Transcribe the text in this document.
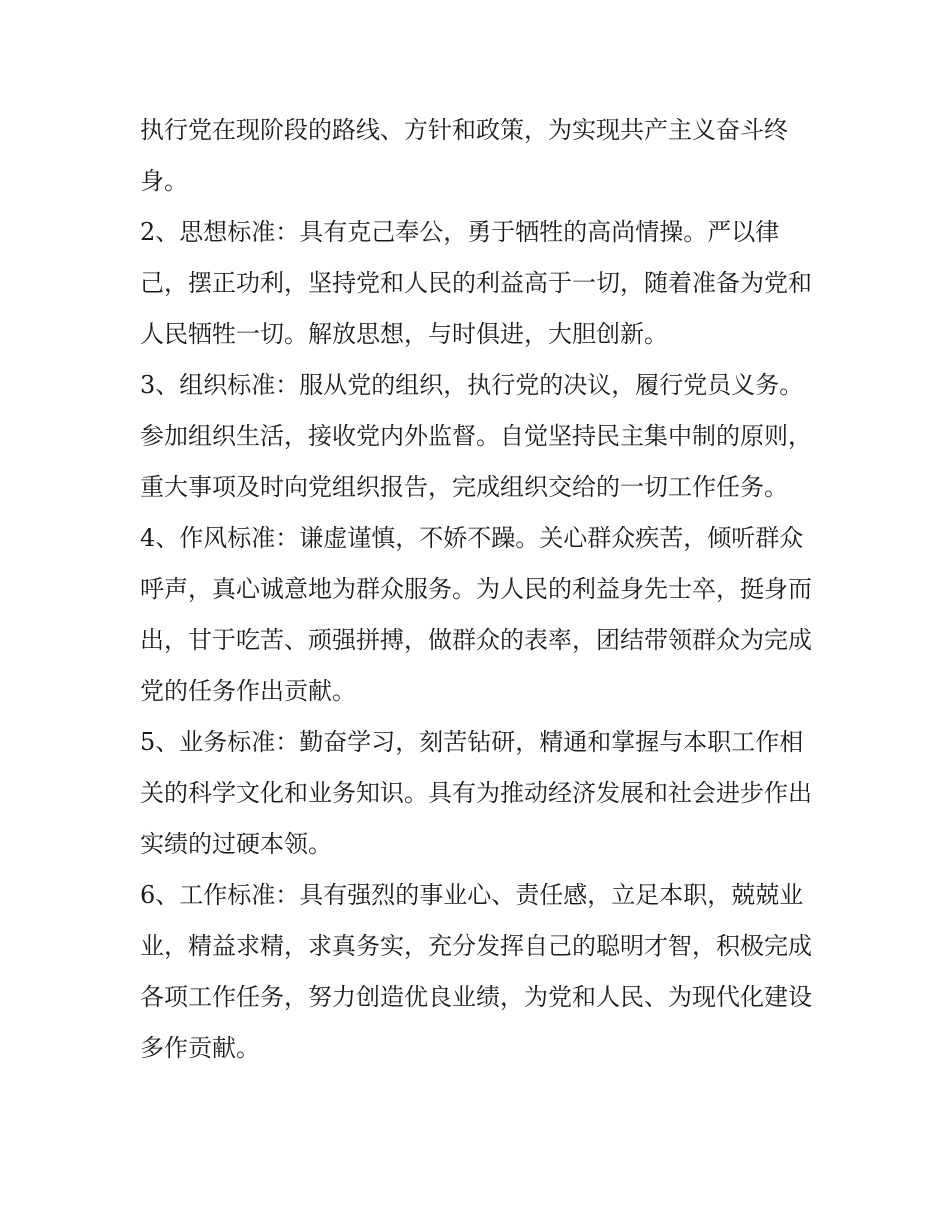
执行党在现阶段的路线、方针和政策，为实现共产主义奋斗终身。

2、思想标准：具有克己奉公，勇于牺牲的高尚情操。严以律己，摆正功利，坚持党和人民的利益高于一切，随着准备为党和人民牺牲一切。解放思想，与时俱进，大胆创新。

3、组织标准：服从党的组织，执行党的决议，履行党员义务。参加组织生活，接收党内外监督。自觉坚持民主集中制的原则，重大事项及时向党组织报告，完成组织交给的一切工作任务。

4、作风标准：谦虚谨慎，不娇不躁。关心群众疾苦，倾听群众呼声，真心诚意地为群众服务。为人民的利益身先士卒，挺身而出，甘于吃苦、顽强拼搏，做群众的表率，团结带领群众为完成党的任务作出贡献。

5、业务标准：勤奋学习，刻苦钻研，精通和掌握与本职工作相关的科学文化和业务知识。具有为推动经济发展和社会进步作出实绩的过硬本领。

6、工作标准：具有强烈的事业心、责任感，立足本职，兢兢业业，精益求精，求真务实，充分发挥自己的聪明才智，积极完成各项工作任务，努力创造优良业绩，为党和人民、为现代化建设多作贡献。
